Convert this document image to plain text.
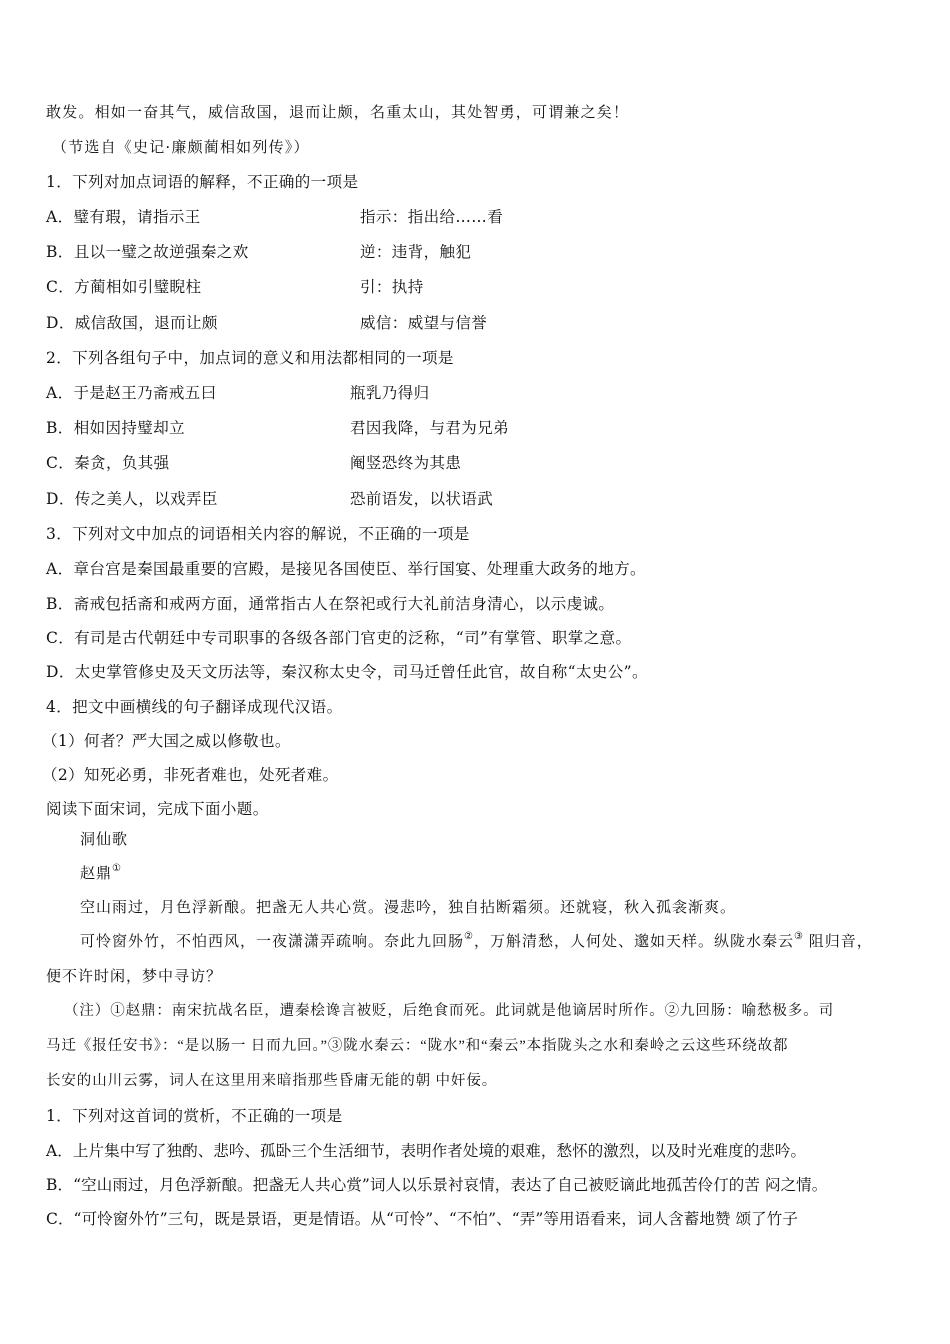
敢发。相如一奋其气，威信敌国，退而让颇，名重太山，其处智勇，可谓兼之矣！
（节选自《史记·廉颇蔺相如列传》）
1．下列对加点词语的解释，不正确的一项是
A．璧有瑕，请指示王	指示：指出给……看
B．且以一璧之故逆强秦之欢	逆：违背，触犯
C．方蔺相如引璧睨柱	引：执持
D．威信敌国，退而让颇	威信：威望与信誉
2．下列各组句子中，加点词的意义和用法都相同的一项是
A．于是赵王乃斋戒五曰	瓶乳乃得归
B．相如因持璧却立	君因我降，与君为兄弟
C．秦贪，负其强	阉竖恐终为其患
D．传之美人，以戏弄臣	恐前语发，以状语武
3．下列对文中加点的词语相关内容的解说，不正确的一项是
A．章台宫是秦国最重要的宫殿，是接见各国使臣、举行国宴、处理重大政务的地方。
B．斋戒包括斋和戒两方面，通常指古人在祭祀或行大礼前洁身清心，以示虔诚。
C．有司是古代朝廷中专司职事的各级各部门官吏的泛称，“司”有掌管、职掌之意。
D．太史掌管修史及天文历法等，秦汉称太史令，司马迁曾任此官，故自称“太史公”。
4．把文中画横线的句子翻译成现代汉语。
（1）何者？严大国之威以修敬也。
（2）知死必勇，非死者难也，处死者难。
阅读下面宋词，完成下面小题。
洞仙歌
赵鼎①
空山雨过，月色浮新酿。把盏无人共心赏。漫悲吟，独自拈断霜须。还就寝，秋入孤衾渐爽。
可怜窗外竹，不怕西风，一夜潇潇弄疏响。奈此九回肠②，万斛清愁，人何处、邈如天样。纵陇水秦云③ 阻归音，
便不许时闲，梦中寻访？
（注）①赵鼎：南宋抗战名臣，遭秦桧谗言被贬，后绝食而死。此词就是他谪居时所作。②九回肠：喻愁极多。司
马迁《报任安书》：“是以肠一 日而九回。”③陇水秦云：“陇水”和“秦云”本指陇头之水和秦岭之云这些环绕故都
长安的山川云雾，词人在这里用来暗指那些昏庸无能的朝 中奸佞。
1．下列对这首词的赏析，不正确的一项是
A．上片集中写了独酌、悲吟、孤卧三个生活细节，表明作者处境的艰难，愁怀的激烈，以及时光难度的悲吟。
B．“空山雨过，月色浮新酿。把盏无人共心赏”词人以乐景衬哀情，表达了自己被贬谪此地孤苦伶仃的苦 闷之情。
C．“可怜窗外竹”三句，既是景语，更是情语。从“可怜”、“不怕”、“弄”等用语看来，词人含蓄地赞 颂了竹子
